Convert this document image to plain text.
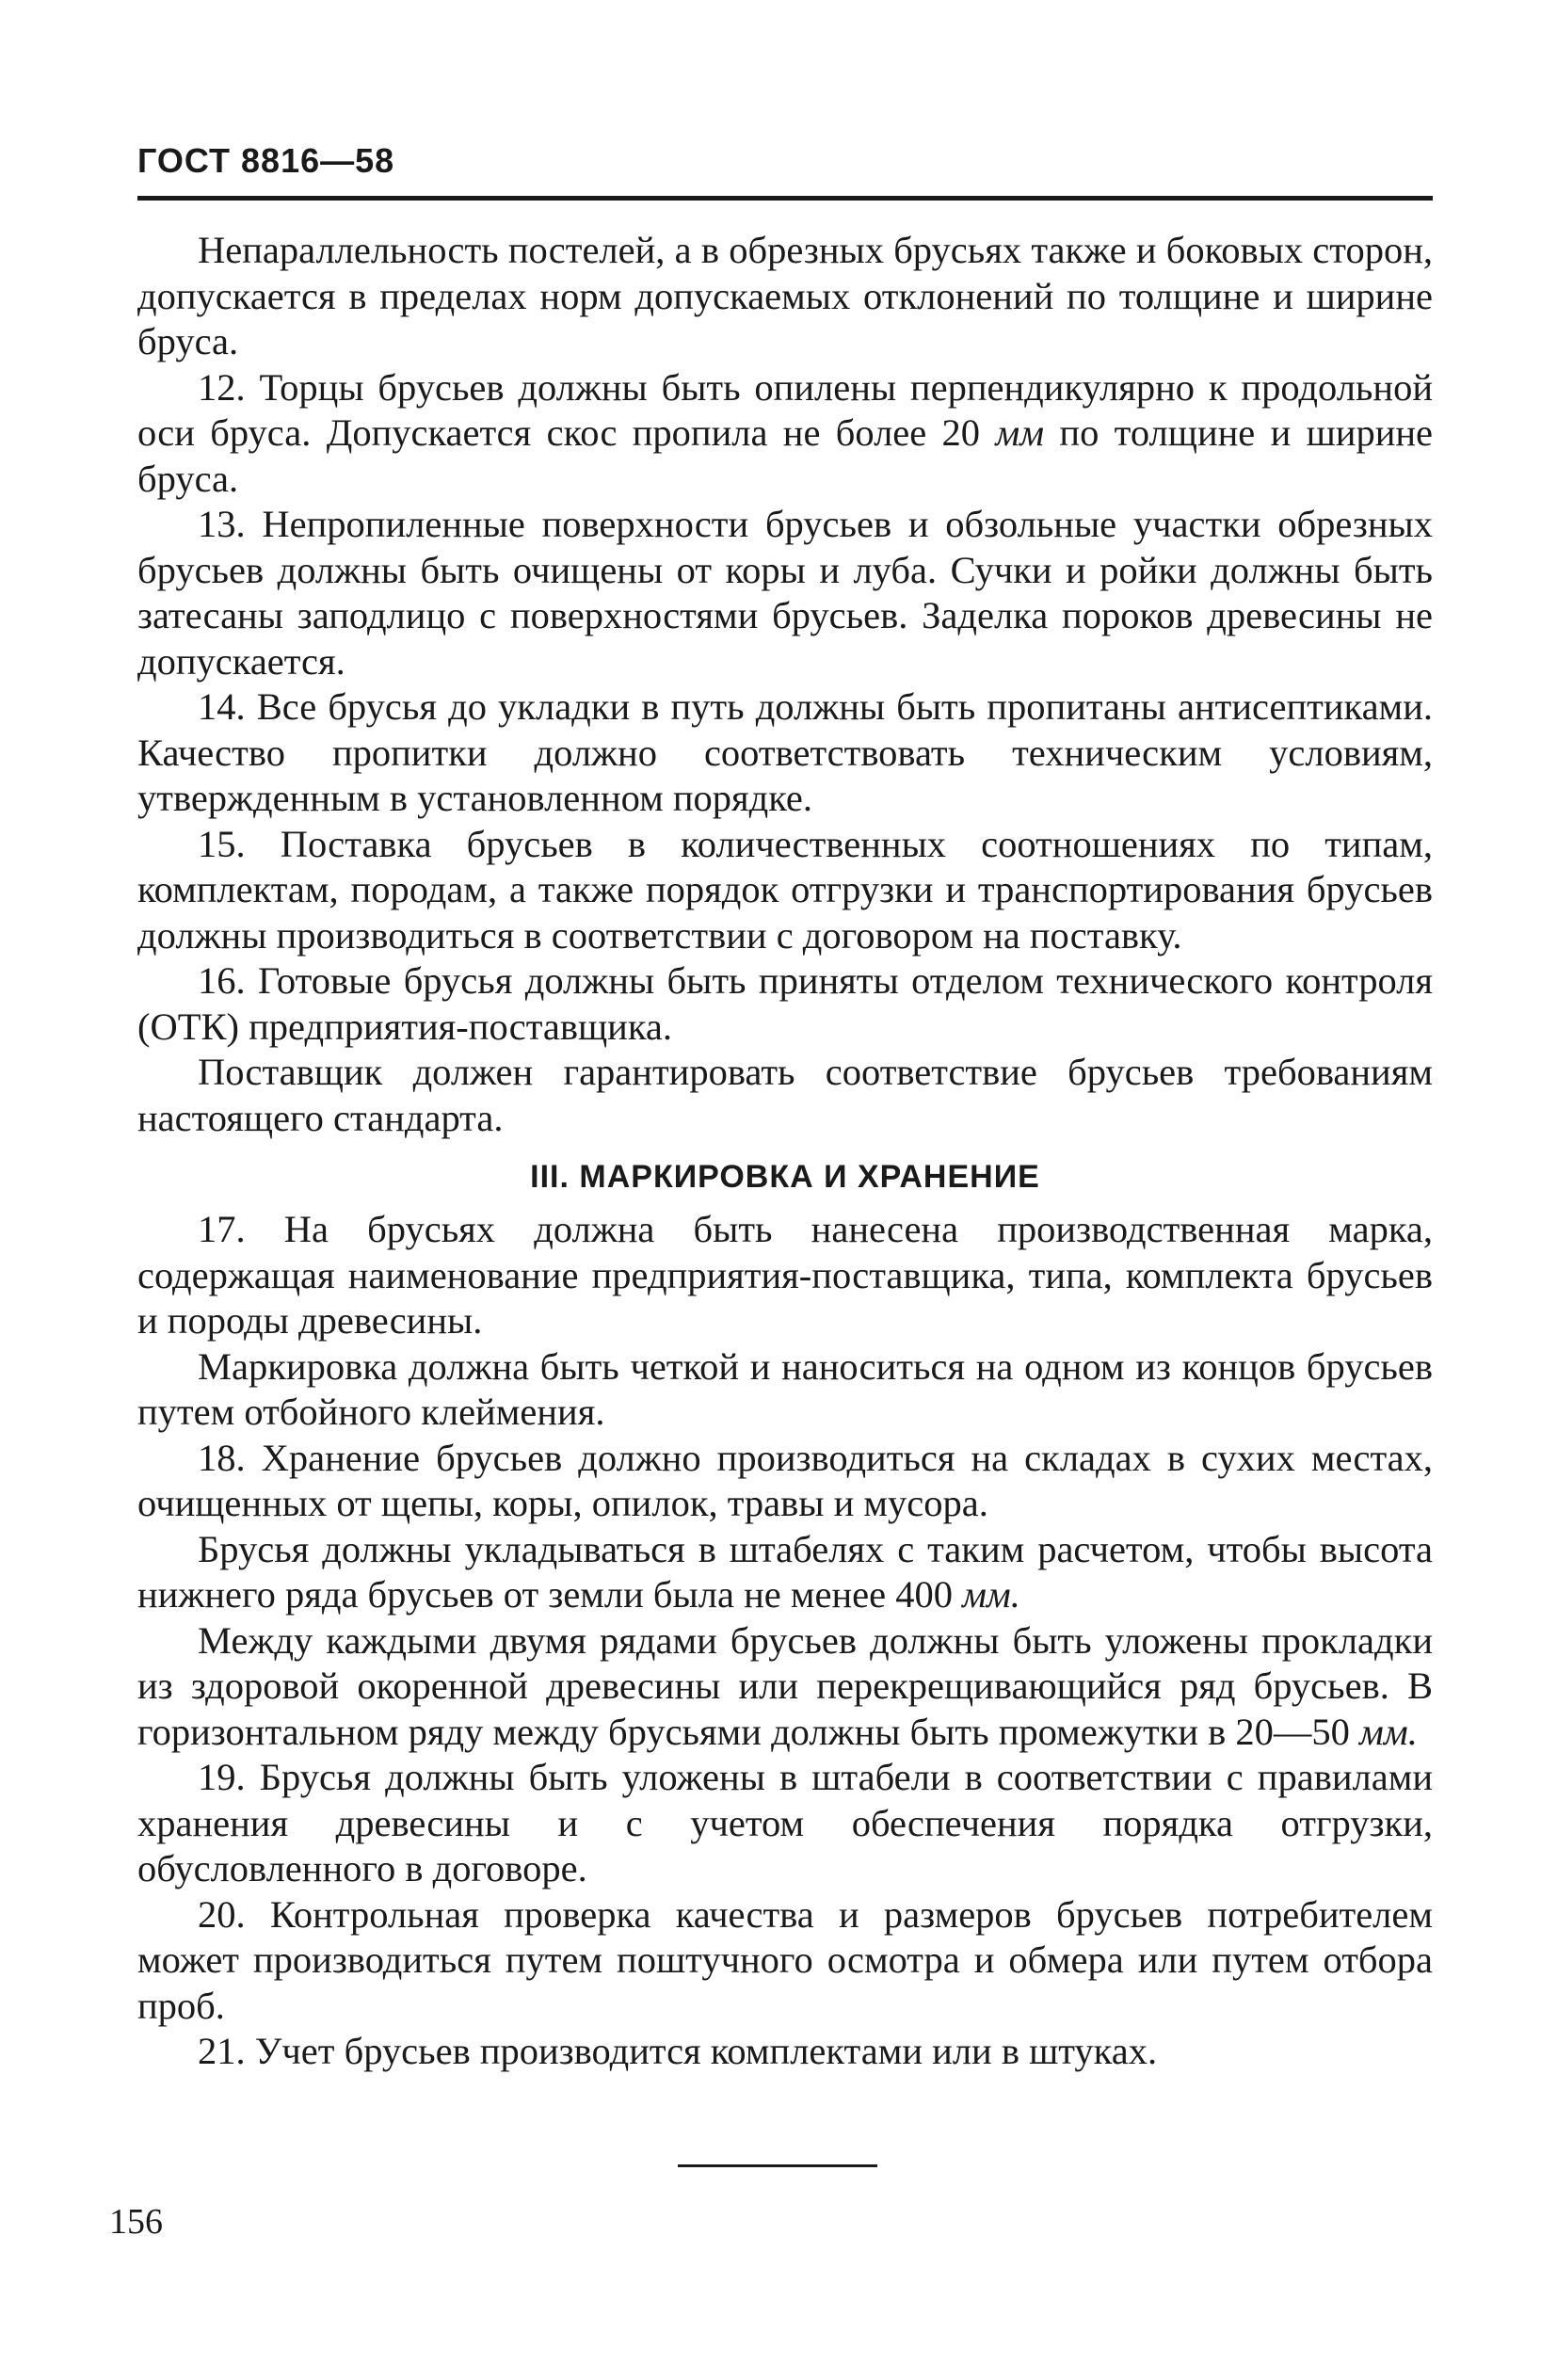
ГОСТ 8816—58

Непараллельность постелей, а в обрезных брусьях также и боковых сторон, допускается в пределах норм допускаемых отклонений по толщине и ширине бруса.

12. Торцы брусьев должны быть опилены перпендикулярно к продольной оси бруса. Допускается скос пропила не более 20 мм по толщине и ширине бруса.

13. Непропиленные поверхности брусьев и обзольные участки обрезных брусьев должны быть очищены от коры и луба. Сучки и ройки должны быть затесаны заподлицо с поверхностями брусьев. Заделка пороков древесины не допускается.

14. Все брусья до укладки в путь должны быть пропитаны антисептиками. Качество пропитки должно соответствовать техническим условиям, утвержденным в установленном порядке.

15. Поставка брусьев в количественных соотношениях по типам, комплектам, породам, а также порядок отгрузки и транспортирования брусьев должны производиться в соответствии с договором на поставку.

16. Готовые брусья должны быть приняты отделом технического контроля (ОТК) предприятия-поставщика.

Поставщик должен гарантировать соответствие брусьев требованиям настоящего стандарта.

III. МАРКИРОВКА И ХРАНЕНИЕ

17. На брусьях должна быть нанесена производственная марка, содержащая наименование предприятия-поставщика, типа, комплекта брусьев и породы древесины.

Маркировка должна быть четкой и наноситься на одном из концов брусьев путем отбойного клеймения.

18. Хранение брусьев должно производиться на складах в сухих местах, очищенных от щепы, коры, опилок, травы и мусора.

Брусья должны укладываться в штабелях с таким расчетом, чтобы высота нижнего ряда брусьев от земли была не менее 400 мм.

Между каждыми двумя рядами брусьев должны быть уложены прокладки из здоровой окоренной древесины или перекрещивающийся ряд брусьев. В горизонтальном ряду между брусьями должны быть промежутки в 20—50 мм.

19. Брусья должны быть уложены в штабели в соответствии с правилами хранения древесины и с учетом обеспечения порядка отгрузки, обусловленного в договоре.

20. Контрольная проверка качества и размеров брусьев потребителем может производиться путем поштучного осмотра и обмера или путем отбора проб.

21. Учет брусьев производится комплектами или в штуках.

156
